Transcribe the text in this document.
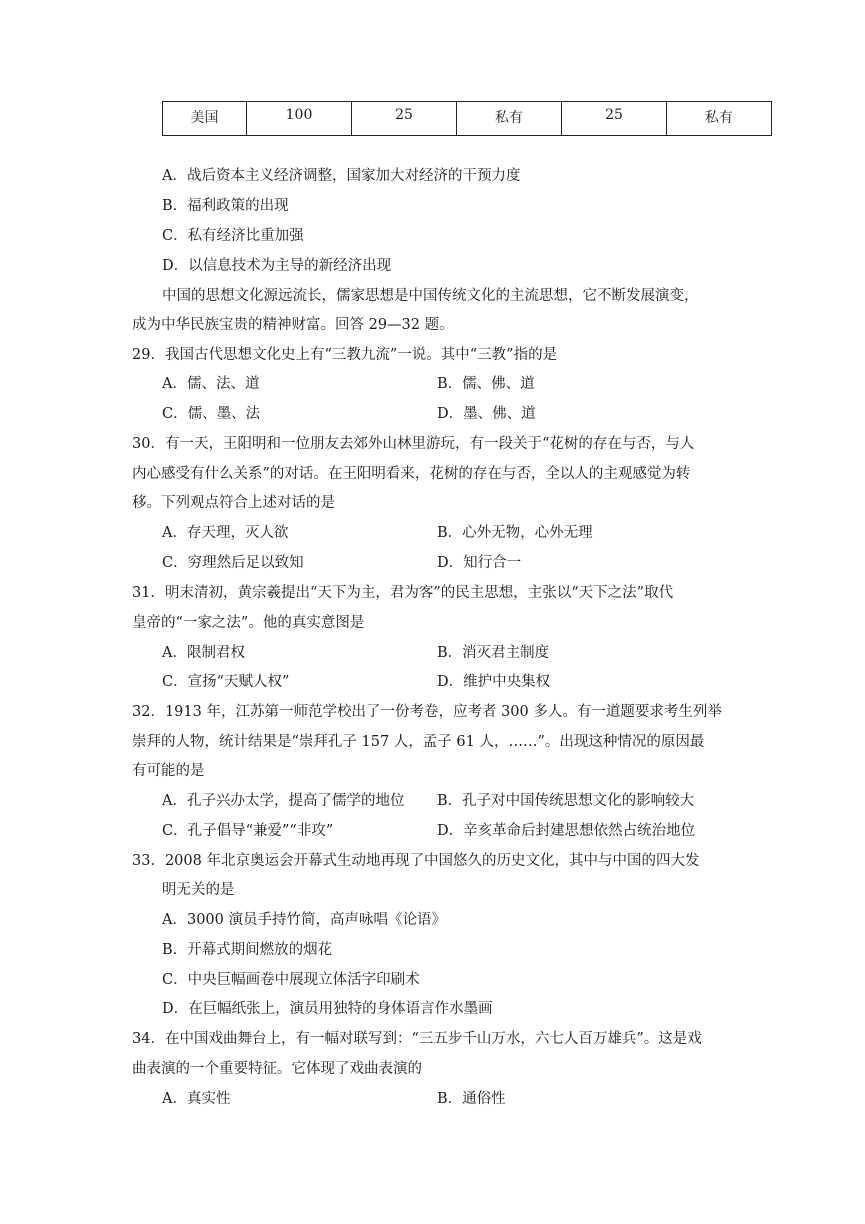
美国	100	25	私有	25	私有
A．战后资本主义经济调整，国家加大对经济的干预力度
B．福利政策的出现
C．私有经济比重加强
D．以信息技术为主导的新经济出现
中国的思想文化源远流长，儒家思想是中国传统文化的主流思想，它不断发展演变，
成为中华民族宝贵的精神财富。回答 29—32 题。
29．我国古代思想文化史上有“三教九流”一说。其中“三教”指的是
A．儒、法、道	B．儒、佛、道
C．儒、墨、法	D．墨、佛、道
30．有一天，王阳明和一位朋友去郊外山林里游玩，有一段关于“花树的存在与否，与人
内心感受有什么关系”的对话。在王阳明看来，花树的存在与否，全以人的主观感觉为转
移。下列观点符合上述对话的是
A．存天理，灭人欲	B．心外无物，心外无理
C．穷理然后足以致知	D．知行合一
31．明末清初，黄宗羲提出“天下为主，君为客”的民主思想，主张以“天下之法”取代
皇帝的“一家之法”。他的真实意图是
A．限制君权	B．消灭君主制度
C．宣扬“天赋人权”	D．维护中央集权
32．1913 年，江苏第一师范学校出了一份考卷，应考者 300 多人。有一道题要求考生列举
崇拜的人物，统计结果是“崇拜孔子 157 人，孟子 61 人，……”。出现这种情况的原因最
有可能的是
A．孔子兴办太学，提高了儒学的地位 B．孔子对中国传统思想文化的影响较大
C．孔子倡导“兼爱”“非攻”	D．辛亥革命后封建思想依然占统治地位
33．2008 年北京奥运会开幕式生动地再现了中国悠久的历史文化，其中与中国的四大发
明无关的是
A．3000 演员手持竹简，高声咏唱《论语》
B．开幕式期间燃放的烟花
C．中央巨幅画卷中展现立体活字印刷术
D．在巨幅纸张上，演员用独特的身体语言作水墨画
34．在中国戏曲舞台上，有一幅对联写到：“三五步千山万水，六七人百万雄兵”。这是戏
曲表演的一个重要特征。它体现了戏曲表演的
A．真实性	B．通俗性
